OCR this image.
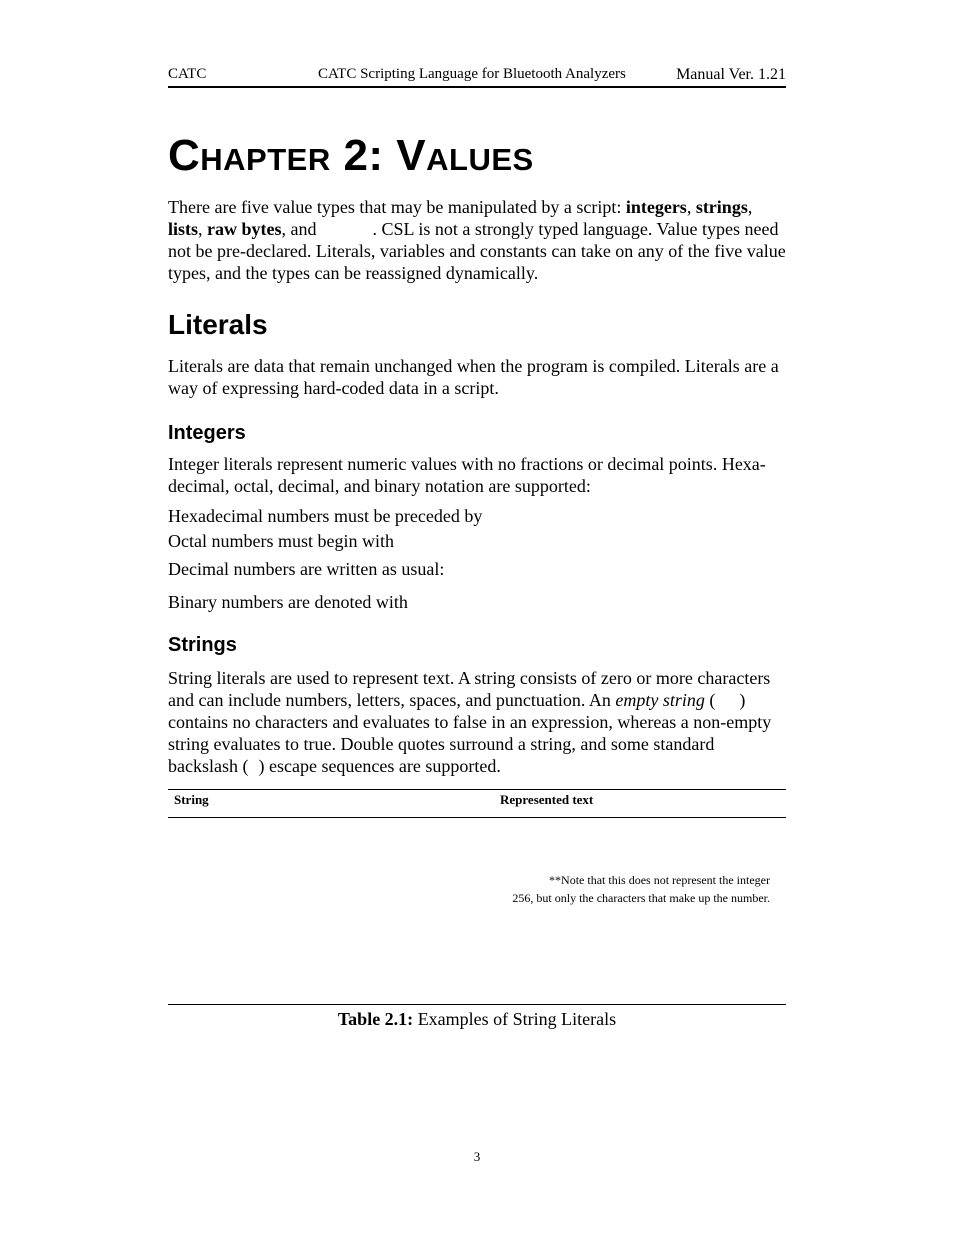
CATC	CATC Scripting Language for Bluetooth Analyzers	Manual Ver. 1.21
Chapter 2: Values

There are five value types that may be manipulated by a script: integers, strings,
lists, raw bytes, and	. CSL is not a strongly typed language. Value types need not be pre-declared. Literals, variables and constants can take on any of the five value types, and the types can be reassigned dynamically.

Literals

Literals are data that remain unchanged when the program is compiled. Literals are a way of expressing hard-coded data in a script.

Integers

Integer literals represent numeric values with no fractions or decimal points. Hexa-
decimal, octal, decimal, and binary notation are supported:

Hexadecimal numbers must be preceded by

Octal numbers must begin with

Decimal numbers are written as usual:

Binary numbers are denoted with

Strings

String literals are used to represent text. A string consists of zero or more characters and can include numbers, letters, spaces, and punctuation. An empty string ( ) contains no characters and evaluates to false in an expression, whereas a non-empty string evaluates to true. Double quotes surround a string, and some standard backslash ( ) escape sequences are supported.

String	Represented text
**Note that this does not represent the integer
256, but only the characters that make up the number.
Table 2.1: Examples of String Literals
3
